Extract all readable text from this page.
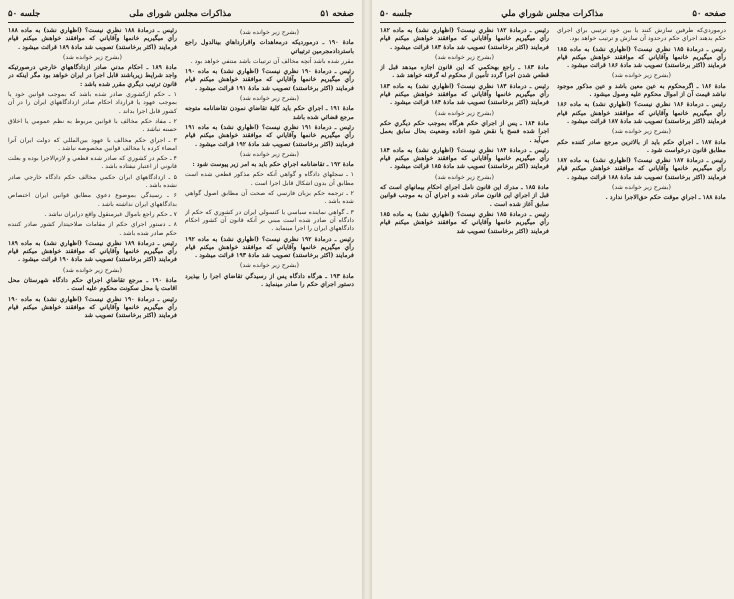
صفحه ۵۱
مذاکرات مجلس شورای ملی
جلسه ۵۰

(بشرح زیر خوانده شد)

مادهٔ ۱۹۰ ـ درمورديكه درمعاهدات واقرارداهاي بينالدول راجع باستردادمجرمين ترتيباتي

مقرر شده باشد آنچه مخالف آن ترتيبات باشد منتفي خواهد بود .

رئيس ـ درمادهٔ ۱۹۰ نظري نيست؟ (اظهاري نشد) به ماده ۱۹۰ رأي ميگيريم خانمها وآقاياني كه موافقند خواهش ميكنم قيام فرمايند (اكثر برخاستند) تصويب شد مادهٔ ۱۹۱ قرائت ميشود .

(بشرح زير خوانده شد)

مادهٔ ۱۹۱ ـ اجراي حكم بايد كليهٔ تقاضاي نمودن تقاضانامه متوجه مرجع قضائي شده باشد

رئيس ـ درمادهٔ ۱۹۱ نظري نيست؟ (اظهاري نشد) به ماده ۱۹۱ رأي ميگيريم خانمها وآقاياني كه موافقند خواهش ميكنم قيام فرمايند (اكثر برخاستند) تصويب شد مادهٔ ۱۹۲ قرائت ميشود .

(بشرح زير خوانده شد)

مادهٔ ۱۹۲ ـ تقاضانامه اجراي حكم بايد به امر زير پيوست شود :

۱ ـ سجلهاي دادگاه و گواهي آنكه حكم مذكور قطعي شده است مطابق آن بدون اشكال قابل اجرا است .

۲ ـ ترجمه حكم بزبان فارسي كه صحت آن مطابق اصول گواهي شده باشد .

۳ ـ گواهي نماينده سياسي يا كنسولي ايران در كشوري كه حكم از دادگاه آن صادر شده است مبني بر آنكه قانون آن كشور احكام دادگاههاي ايران را اجرا مينمايد .

رئيس ـ درمادهٔ ۱۹۲ نظري نيست؟ (اظهاري نشد) به ماده ۱۹۲ رأي ميگيريم خانمها وآقاياني كه موافقند خواهش ميكنم قيام فرمايند (اكثر برخاستند) تصويب شد مادهٔ ۱۹۳ قرائت ميشود .

(بشرح زير خوانده شد)

مادهٔ ۱۹۳ ـ هرگاه دادگاه پس از رسيدگي تقاضاي اجرا را بپذيرد دستور اجراي حكم را صادر مينمايد .

رئيس ـ درمادهٔ ۱۸۸ نظري نيست؟ (اظهاري نشد) به ماده ۱۸۸ رأي ميگيريم خانمها وآقاياني كه موافقند خواهش ميكنم قيام فرمايند (اكثر برخاستند) تصويب شد مادهٔ ۱۸۹ قرائت ميشود .

(بشرح زير خوانده شد)

مادهٔ ۱۸۹ ـ احكام مدني صادر ازدادگاههاي خارجي درصورتيكه واجد شرايط زيرباشند قابل اجرا در ايران خواهد بود مگر اينكه در قانون ترتيب ديگري مقرر شده باشد :

۱ ـ حكم ازكشوري صادر شده باشد كه بموجب قوانين خود يا بموجب عهود يا قرارداد احكام صادر ازدادگاههاي ايران را در آن كشور قابل اجرا بداند .

۲ ـ مفاد حكم مخالف با قوانين مربوط به نظم عمومي يا اخلاق حسنه نباشد .

۳ ـ اجراي حكم مخالف با عهود بين‌المللي كه دولت ايران آنرا امضاء كرده يا مخالف قوانين مخصوصه نباشد .

۴ ـ حكم در كشوري كه صادر شده قطعي و لازم‌الاجرا بوده و بعلت قانوني از اعتبار نيفتاده باشد .

۵ ـ ازدادگاههاي ايران حكمي مخالف حكم دادگاه خارجي صادر نشده باشد .

۶ ـ رسيدگي بموضوع دعوي مطابق قوانين ايران اختصاص بدادگاههاي ايران نداشته باشد .

۷ ـ حكم راجع باموال غيرمنقول واقع درايران نباشد .

۸ ـ دستور اجراي حكم از مقامات صلاحيتدار كشور صادر كننده حكم صادر شده باشد .

رئيس ـ درمادهٔ ۱۸۹ نظري نيست؟ (اظهاري نشد) به ماده ۱۸۹ رأي ميگيريم خانمها وآقاياني كه موافقند خواهش ميكنم قيام فرمايند (اكثر برخاستند) تصويب شد مادهٔ ۱۹۰ قرائت ميشود .

(بشرح زير خوانده شد)

مادهٔ ۱۹۰ ـ مرجع تقاضاي اجراي حكم دادگاه شهرستان محل اقامت يا محل سكونت محكوم عليه است .

رئيس ـ درمادهٔ ۱۹۰ نظري نيست؟ (اظهاري نشد) به ماده ۱۹۰ رأي ميگيريم خانمها وآقاياني كه موافقند خواهش ميكنم قيام فرمايند (اكثر برخاستند) تصويب شد

صفحه ۵۰
مذاكرات مجلس شوراي ملي
جلسه ۵۰

درموردي‌كه طرفين سازش كنند يا بين خود ترتيبي براي اجراي حكم بدهند اجراي حكم درحدود آن سازش و ترتيب خواهد بود.

رئيس ـ درمادهٔ ۱۸۵ نظري نيست؟ (اظهاري نشد) به ماده ۱۸۵ رأي ميگيريم خانمها وآقاياني كه موافقند خواهش ميكنم قيام فرمايند (اكثر برخاستند) تصويب شد مادهٔ ۱۸۶ قرائت ميشود .

(بشرح زير خوانده شد)

مادهٔ ۱۸۶ ـ اگرمحكوم به عين معين باشد و عين مذكور موجود نباشد قيمت آن از اموال محكوم عليه وصول ميشود .

رئيس ـ درمادهٔ ۱۸۶ نظري نيست؟ (اظهاري نشد) به ماده ۱۸۶ رأي ميگيريم خانمها وآقاياني كه موافقند خواهش ميكنم قيام فرمايند (اكثر برخاستند) تصويب شد مادهٔ ۱۸۷ قرائت ميشود .

(بشرح زير خوانده شد)

مادهٔ ۱۸۷ ـ اجراي حكم بايد از بالاترين مرجع صادر كننده حكم مطابق قانون درخواست شود .

رئيس ـ درمادهٔ ۱۸۷ نظري نيست؟ (اظهاري نشد) به ماده ۱۸۷ رأي ميگيريم خانمها وآقاياني كه موافقند خواهش ميكنم قيام فرمايند (اكثر برخاستند) تصويب شد مادهٔ ۱۸۸ قرائت ميشود .

(بشرح زير خوانده شد)

مادهٔ ۱۸۸ ـ اجراي موقت حكم حق‌الاجرا ندارد .

رئيس ـ درمادهٔ ۱۸۲ نظري نيست؟ (اظهاري نشد) به ماده ۱۸۲ رأي ميگيريم خانمها وآقاياني كه موافقند خواهش ميكنم قيام فرمايند (اكثر برخاستند) تصويب شد مادهٔ ۱۸۳ قرائت ميشود .

(بشرح زير خوانده شد)

مادهٔ ۱۸۳ ـ راجع بهحكمي كه اين قانون اجازه ميدهد قبل از قطعي شدن اجرا گردد تأمين از محكوم له گرفته خواهد شد .

رئيس ـ درمادهٔ ۱۸۳ نظري نيست؟ (اظهاري نشد) به ماده ۱۸۳ رأي ميگيريم خانمها وآقاياني كه موافقند خواهش ميكنم قيام فرمايند (اكثر برخاستند) تصويب شد مادهٔ ۱۸۴ قرائت ميشود .

(بشرح زير خوانده شد)

مادهٔ ۱۸۴ ـ پس از اجراي حكم هرگاه بموجب حكم ديگري حكم اجرا شده فسخ يا نقض شود اعاده وضعيت بحال سابق بعمل مي‌آيد .

رئيس ـ درمادهٔ ۱۸۴ نظري نيست؟ (اظهاري نشد) به ماده ۱۸۴ رأي ميگيريم خانمها وآقاياني كه موافقند خواهش ميكنم قيام فرمايند (اكثر برخاستند) تصويب شد مادهٔ ۱۸۵ قرائت ميشود .

(بشرح زير خوانده شد)

مادهٔ ۱۸۵ ـ مدرك اين قانون نامل اجراي احكام بيمانهاي است كه قبل از اجراي اين قانون صادر شده و اجراي آن به موجب قوانين سابق آغاز شده است .

رئيس ـ درمادهٔ ۱۸۵ نظري نيست؟ (اظهاري نشد) به ماده ۱۸۵ رأي ميگيريم خانمها وآقاياني كه موافقند خواهش ميكنم قيام فرمايند (اكثر برخاستند) تصويب شد
